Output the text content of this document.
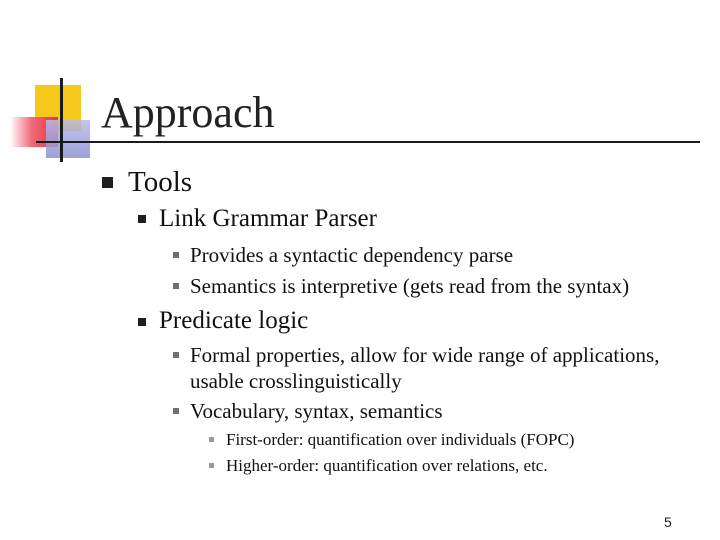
Approach
Tools
Link Grammar Parser
Provides a syntactic dependency parse
Semantics is interpretive (gets read from the syntax)
Predicate logic
Formal properties, allow for wide range of applications,
usable crosslinguistically
Vocabulary, syntax, semantics
First-order: quantification over individuals (FOPC)
Higher-order: quantification over relations, etc.
5
